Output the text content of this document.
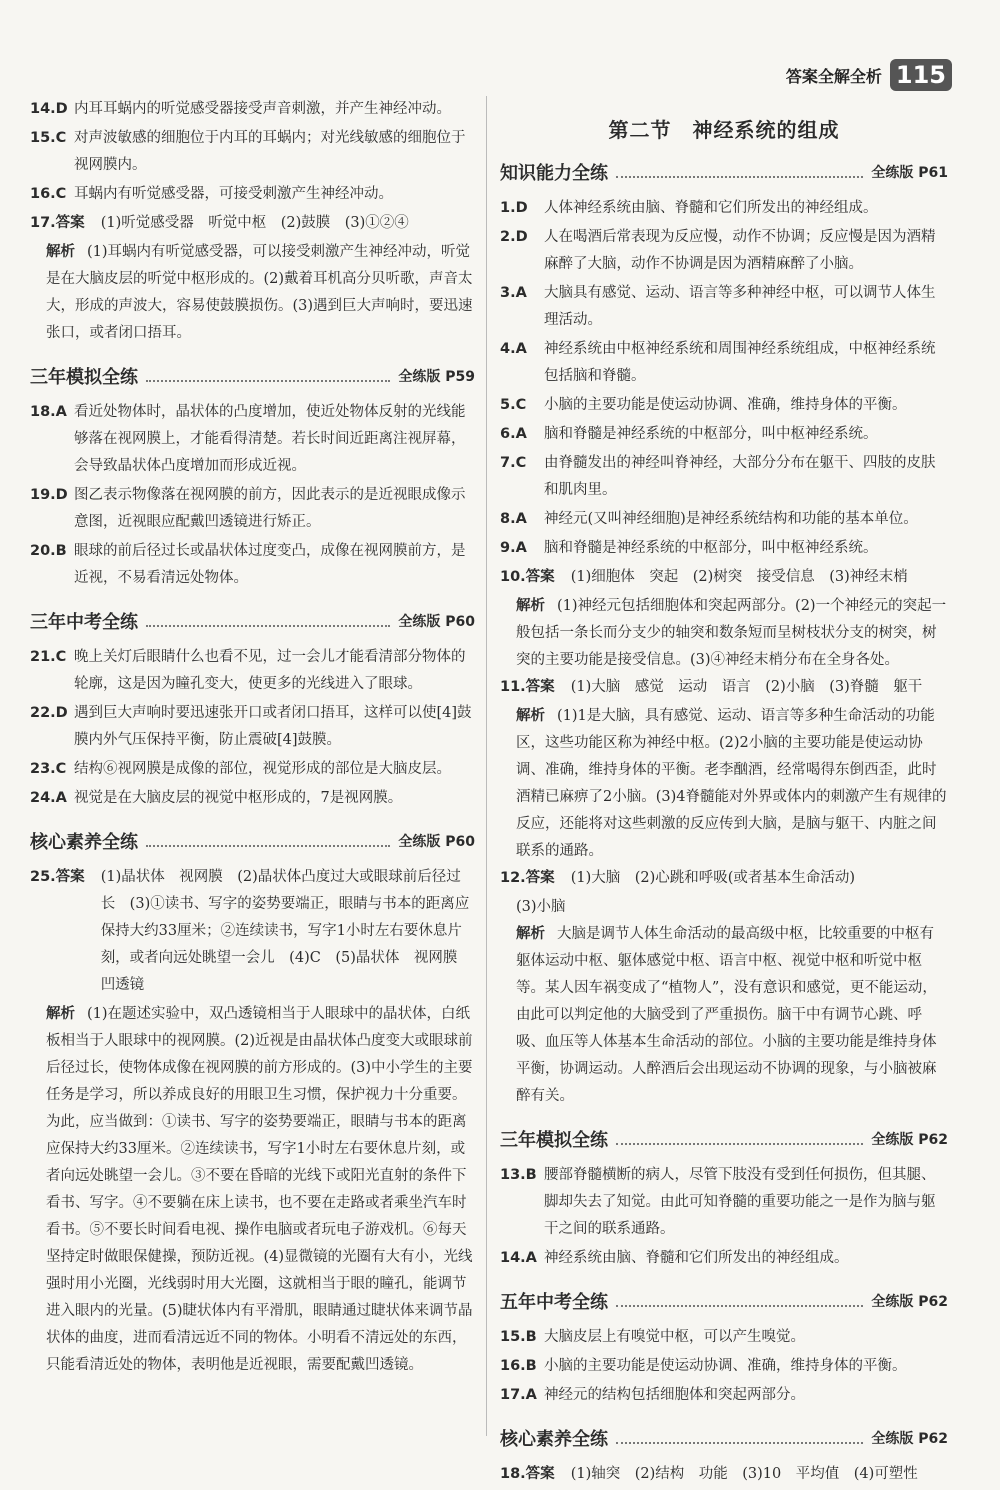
答案全解全析 115
14.D 内耳耳蜗内的听觉感受器接受声音刺激，并产生神经冲动。
15.C 对声波敏感的细胞位于内耳的耳蜗内；对光线敏感的细胞位于视网膜内。
16.C 耳蜗内有听觉感受器，可接受刺激产生神经冲动。
17.答案 (1)听觉感受器　听觉中枢　(2)鼓膜　(3)①②④
解析 (1)耳蜗内有听觉感受器，可以接受刺激产生神经冲动，听觉是在大脑皮层的听觉中枢形成的。(2)戴着耳机高分贝听歌，声音太大，形成的声波大，容易使鼓膜损伤。(3)遇到巨大声响时，要迅速张口，或者闭口捂耳。
三年模拟全练	全练版 P59
18.A 看近处物体时，晶状体的凸度增加，使近处物体反射的光线能够落在视网膜上，才能看得清楚。若长时间近距离注视屏幕，会导致晶状体凸度增加而形成近视。
19.D 图乙表示物像落在视网膜的前方，因此表示的是近视眼成像示意图，近视眼应配戴凹透镜进行矫正。
20.B 眼球的前后径过长或晶状体过度变凸，成像在视网膜前方，是近视，不易看清远处物体。
三年中考全练	全练版 P60
21.C 晚上关灯后眼睛什么也看不见，过一会儿才能看清部分物体的轮廓，这是因为瞳孔变大，使更多的光线进入了眼球。
22.D 遇到巨大声响时要迅速张开口或者闭口捂耳，这样可以使[4]鼓膜内外气压保持平衡，防止震破[4]鼓膜。
23.C 结构⑥视网膜是成像的部位，视觉形成的部位是大脑皮层。
24.A 视觉是在大脑皮层的视觉中枢形成的，7是视网膜。
核心素养全练	全练版 P60
25.答案 (1)晶状体　视网膜　(2)晶状体凸度过大或眼球前后径过长　(3)①读书、写字的姿势要端正，眼睛与书本的距离应保持大约33厘米；②连续读书，写字1小时左右要休息片刻，或者向远处眺望一会儿　(4)C　(5)晶状体　视网膜　凹透镜
解析 (1)在题述实验中，双凸透镜相当于人眼球中的晶状体，白纸板相当于人眼球中的视网膜。(2)近视是由晶状体凸度变大或眼球前后径过长，使物体成像在视网膜的前方形成的。(3)中小学生的主要任务是学习，所以养成良好的用眼卫生习惯，保护视力十分重要。为此，应当做到：①读书、写字的姿势要端正，眼睛与书本的距离应保持大约33厘米。②连续读书，写字1小时左右要休息片刻，或者向远处眺望一会儿。③不要在昏暗的光线下或阳光直射的条件下看书、写字。④不要躺在床上读书，也不要在走路或者乘坐汽车时看书。⑤不要长时间看电视、操作电脑或者玩电子游戏机。⑥每天坚持定时做眼保健操，预防近视。(4)显微镜的光圈有大有小，光线强时用小光圈，光线弱时用大光圈，这就相当于眼的瞳孔，能调节进入眼内的光量。(5)睫状体内有平滑肌，眼睛通过睫状体来调节晶状体的曲度，进而看清远近不同的物体。小明看不清远处的东西，只能看清近处的物体，表明他是近视眼，需要配戴凹透镜。
第二节　神经系统的组成
知识能力全练	全练版 P61
1.D	人体神经系统由脑、脊髓和它们所发出的神经组成。
2.D	人在喝酒后常表现为反应慢，动作不协调；反应慢是因为酒精麻醉了大脑，动作不协调是因为酒精麻醉了小脑。
3.A	大脑具有感觉、运动、语言等多种神经中枢，可以调节人体生理活动。
4.A	神经系统由中枢神经系统和周围神经系统组成，中枢神经系统包括脑和脊髓。
5.C	小脑的主要功能是使运动协调、准确，维持身体的平衡。
6.A	脑和脊髓是神经系统的中枢部分，叫中枢神经系统。
7.C	由脊髓发出的神经叫脊神经，大部分分布在躯干、四肢的皮肤和肌肉里。
8.A	神经元(又叫神经细胞)是神经系统结构和功能的基本单位。
9.A	脑和脊髓是神经系统的中枢部分，叫中枢神经系统。
10.答案 (1)细胞体　突起　(2)树突　接受信息　(3)神经末梢
解析 (1)神经元包括细胞体和突起两部分。(2)一个神经元的突起一般包括一条长而分支少的轴突和数条短而呈树枝状分支的树突，树突的主要功能是接受信息。(3)④神经末梢分布在全身各处。
11.答案 (1)大脑　感觉　运动　语言　(2)小脑　(3)脊髓　躯干
解析 (1)1是大脑，具有感觉、运动、语言等多种生命活动的功能区，这些功能区称为神经中枢。(2)2小脑的主要功能是使运动协调、准确，维持身体的平衡。老李酗酒，经常喝得东倒西歪，此时酒精已麻痹了2小脑。(3)4脊髓能对外界或体内的刺激产生有规律的反应，还能将对这些刺激的反应传到大脑，是脑与躯干、内脏之间联系的通路。
12.答案 (1)大脑　(2)心跳和呼吸(或者基本生命活动)
(3)小脑
解析 大脑是调节人体生命活动的最高级中枢，比较重要的中枢有躯体运动中枢、躯体感觉中枢、语言中枢、视觉中枢和听觉中枢等。某人因车祸变成了“植物人”，没有意识和感觉，更不能运动，由此可以判定他的大脑受到了严重损伤。脑干中有调节心跳、呼吸、血压等人体基本生命活动的部位。小脑的主要功能是维持身体平衡，协调运动。人醉酒后会出现运动不协调的现象，与小脑被麻醉有关。
三年模拟全练	全练版 P62
13.B 腰部脊髓横断的病人，尽管下肢没有受到任何损伤，但其腿、脚却失去了知觉。由此可知脊髓的重要功能之一是作为脑与躯干之间的联系通路。
14.A 神经系统由脑、脊髓和它们所发出的神经组成。
五年中考全练	全练版 P62
15.B 大脑皮层上有嗅觉中枢，可以产生嗅觉。
16.B 小脑的主要功能是使运动协调、准确，维持身体的平衡。
17.A 神经元的结构包括细胞体和突起两部分。
核心素养全练	全练版 P62
18.答案 (1)轴突　(2)结构　功能　(3)10　平均值　(4)可塑性
